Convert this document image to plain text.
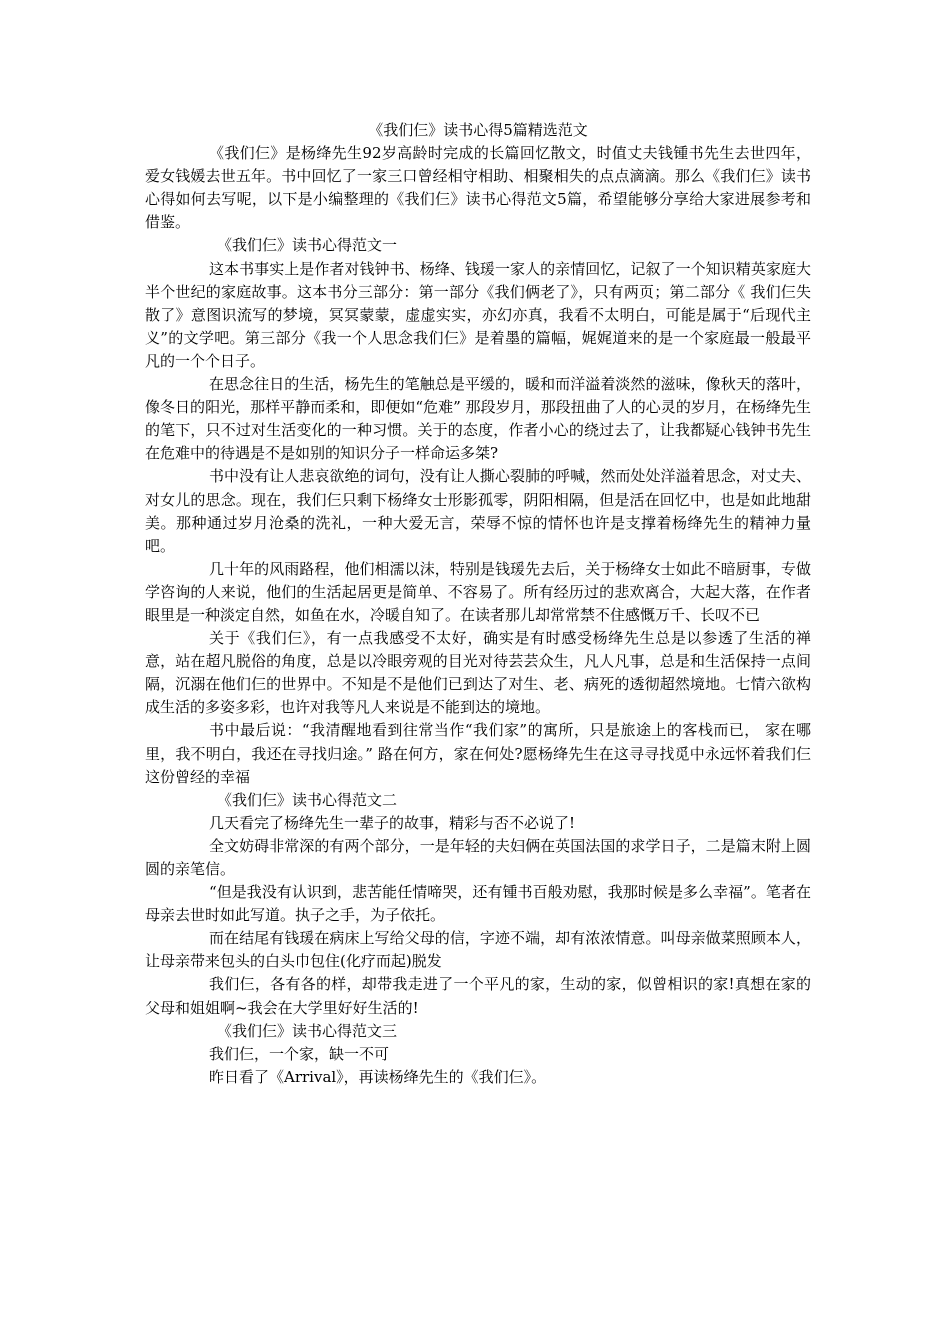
《我们仨》读书心得5篇精选范文

《我们仨》是杨绛先生92岁高龄时完成的长篇回忆散文，时值丈夫钱锺书先生去世四年，爱女钱媛去世五年。书中回忆了一家三口曾经相守相助、相聚相失的点点滴滴。那么《我们仨》读书心得如何去写呢，以下是小编整理的《我们仨》读书心得范文5篇，希望能够分享给大家进展参考和借鉴。

《我们仨》读书心得范文一

这本书事实上是作者对钱钟书、杨绛、钱瑗一家人的亲情回忆，记叙了一个知识精英家庭大半个世纪的家庭故事。这本书分三部分：第一部分《我们俩老了》，只有两页；第二部分《 我们仨失散了》意图识流写的梦境，冥冥蒙蒙，虚虚实实，亦幻亦真，我看不太明白，可能是属于“后现代主义”的文学吧。第三部分《我一个人思念我们仨》是着墨的篇幅，娓娓道来的是一个家庭最一般最平凡的一个个日子。

在思念往日的生活，杨先生的笔触总是平缓的，暖和而洋溢着淡然的滋味，像秋天的落叶，像冬日的阳光，那样平静而柔和，即便如“危难” 那段岁月，那段扭曲了人的心灵的岁月，在杨绛先生的笔下，只不过对生活变化的一种习惯。关于的态度，作者小心的绕过去了，让我都疑心钱钟书先生在危难中的待遇是不是如别的知识分子一样命运多桀?

书中没有让人悲哀欲绝的词句，没有让人撕心裂肺的呼喊，然而处处洋溢着思念，对丈夫、对女儿的思念。现在，我们仨只剩下杨绛女士形影孤零，阴阳相隔，但是活在回忆中，也是如此地甜美。那种通过岁月沧桑的洗礼，一种大爱无言，荣辱不惊的情怀也许是支撑着杨绛先生的精神力量吧。

几十年的风雨路程，他们相濡以沫，特别是钱瑗先去后，关于杨绛女士如此不暗厨事，专做学咨询的人来说，他们的生活起居更是简单、不容易了。所有经历过的悲欢离合，大起大落，在作者眼里是一种淡定自然，如鱼在水，冷暖自知了。在读者那儿却常常禁不住感慨万千、长叹不已

关于《我们仨》，有一点我感受不太好，确实是有时感受杨绛先生总是以参透了生活的禅意，站在超凡脱俗的角度，总是以冷眼旁观的目光对待芸芸众生，凡人凡事，总是和生活保持一点间隔，沉溺在他们仨的世界中。不知是不是他们已到达了对生、老、病死的透彻超然境地。七情六欲构成生活的多姿多彩，也许对我等凡人来说是不能到达的境地。

书中最后说：“我清醒地看到往常当作“我们家”的寓所，只是旅途上的客栈而已， 家在哪里，我不明白，我还在寻找归途。” 路在何方，家在何处?愿杨绛先生在这寻寻找觅中永远怀着我们仨这份曾经的幸福

《我们仨》读书心得范文二

几天看完了杨绛先生一辈子的故事，精彩与否不必说了!

全文妨碍非常深的有两个部分，一是年轻的夫妇俩在英国法国的求学日子，二是篇末附上圆圆的亲笔信。

“但是我没有认识到，悲苦能任情啼哭，还有锺书百般劝慰，我那时候是多么幸福”。笔者在母亲去世时如此写道。执子之手，为子依托。

而在结尾有钱瑗在病床上写给父母的信，字迹不端，却有浓浓情意。叫母亲做菜照顾本人，让母亲带来包头的白头巾包住(化疗而起)脱发

我们仨，各有各的样，却带我走进了一个平凡的家，生动的家，似曾相识的家!真想在家的父母和姐姐啊~我会在大学里好好生活的!

《我们仨》读书心得范文三

我们仨，一个家，缺一不可

昨日看了《Arrival》，再读杨绛先生的《我们仨》。
